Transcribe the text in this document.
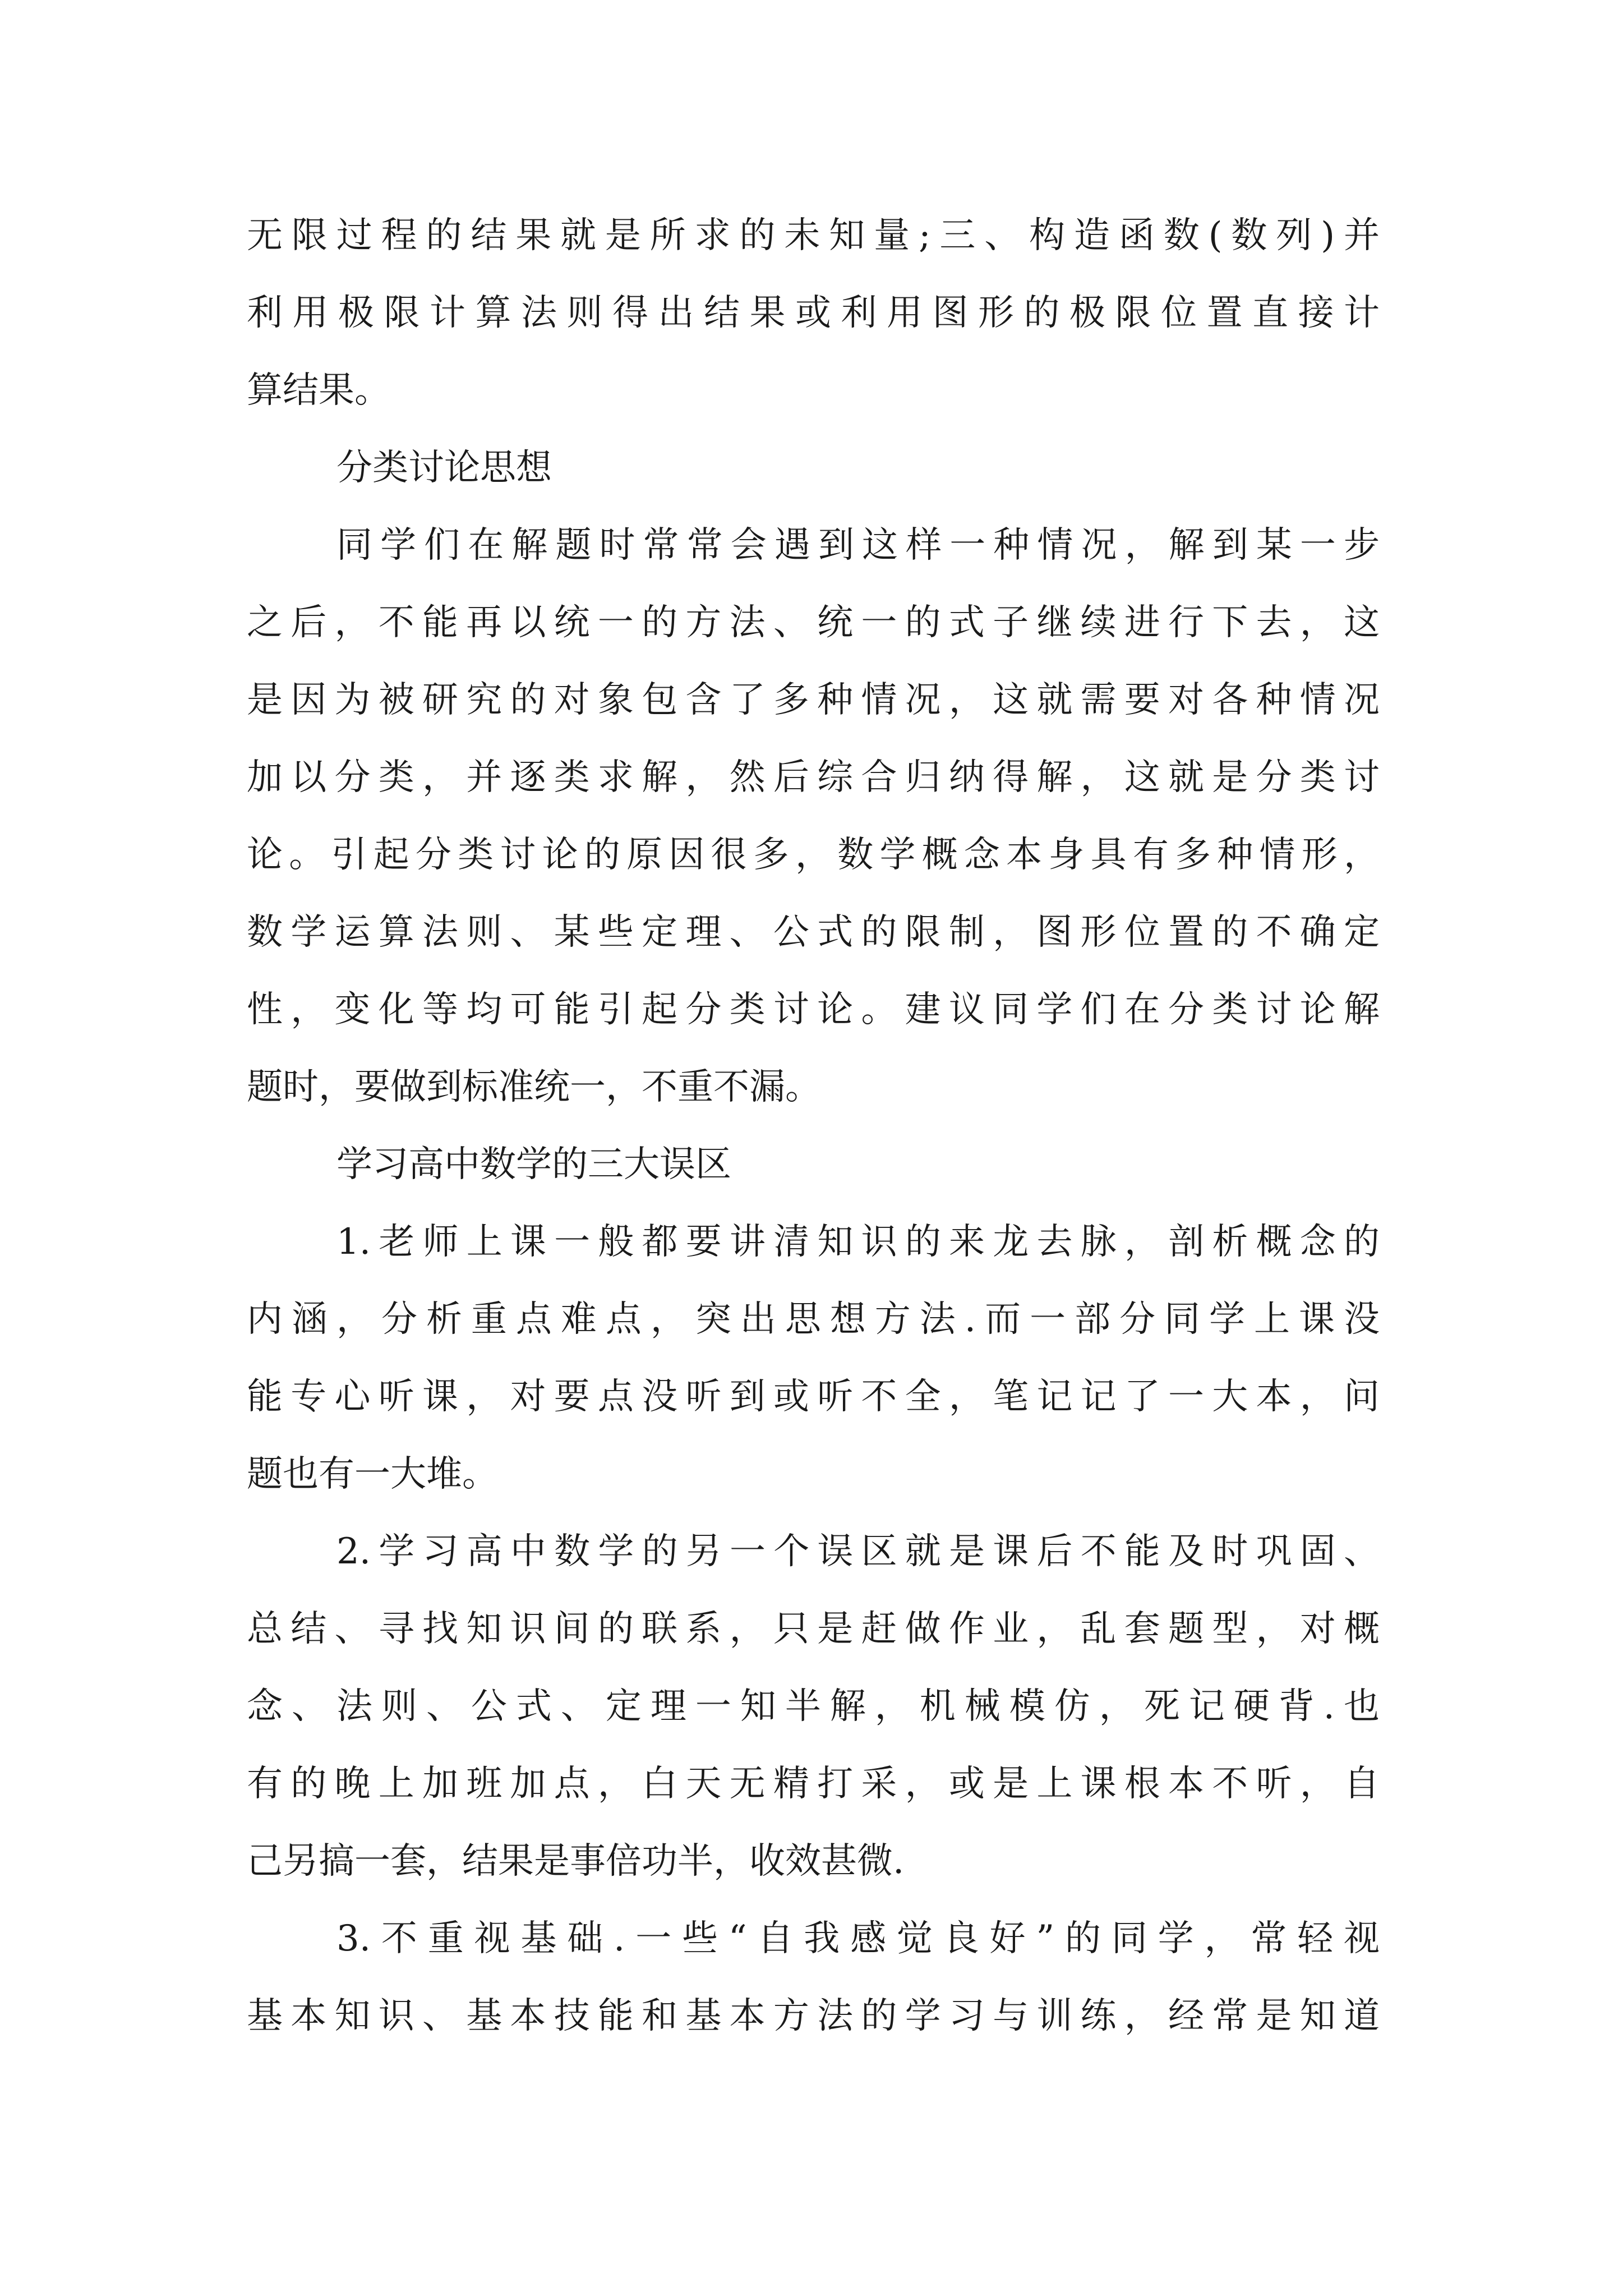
无限过程的结果就是所求的未知量;三、构造函数(数列)并
利用极限计算法则得出结果或利用图形的极限位置直接计
算结果。
分类讨论思想
同学们在解题时常常会遇到这样一种情况，解到某一步
之后，不能再以统一的方法、统一的式子继续进行下去，这
是因为被研究的对象包含了多种情况，这就需要对各种情况
加以分类，并逐类求解，然后综合归纳得解，这就是分类讨
论。引起分类讨论的原因很多，数学概念本身具有多种情形，
数学运算法则、某些定理、公式的限制，图形位置的不确定
性，变化等均可能引起分类讨论。建议同学们在分类讨论解
题时，要做到标准统一，不重不漏。
学习高中数学的三大误区
1.老师上课一般都要讲清知识的来龙去脉，剖析概念的
内涵，分析重点难点，突出思想方法.而一部分同学上课没
能专心听课，对要点没听到或听不全，笔记记了一大本，问
题也有一大堆。
2.学习高中数学的另一个误区就是课后不能及时巩固、
总结、寻找知识间的联系，只是赶做作业，乱套题型，对概
念、法则、公式、定理一知半解，机械模仿，死记硬背.也
有的晚上加班加点，白天无精打采，或是上课根本不听，自
己另搞一套，结果是事倍功半，收效甚微.
3.不重视基础.一些“自我感觉良好”的同学，常轻视
基本知识、基本技能和基本方法的学习与训练，经常是知道
